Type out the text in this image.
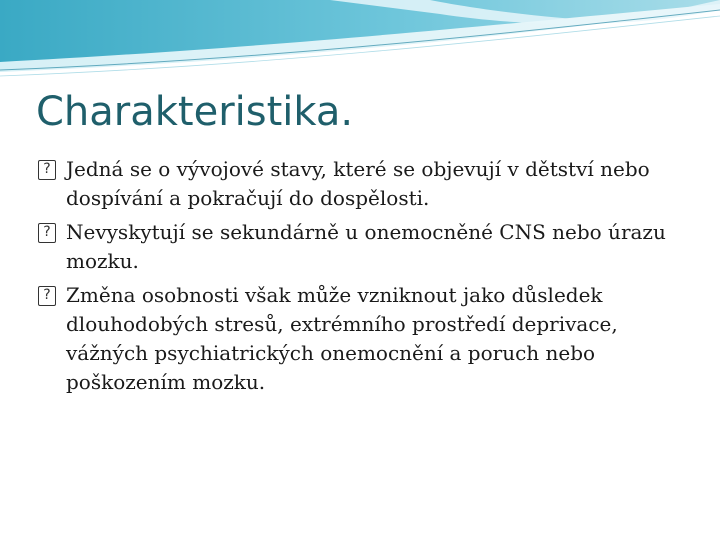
Charakteristika.
? Jedná se o vývojové stavy, které se objevují v dětství nebo dospívání a pokračují do dospělosti.
? Nevyskytují se sekundárně u onemocněné CNS nebo úrazu mozku.
? Změna osobnosti však může vzniknout jako důsledek dlouhodobých stresů, extrémního prostředí deprivace, vážných psychiatrických onemocnění a poruch nebo poškozením mozku.
